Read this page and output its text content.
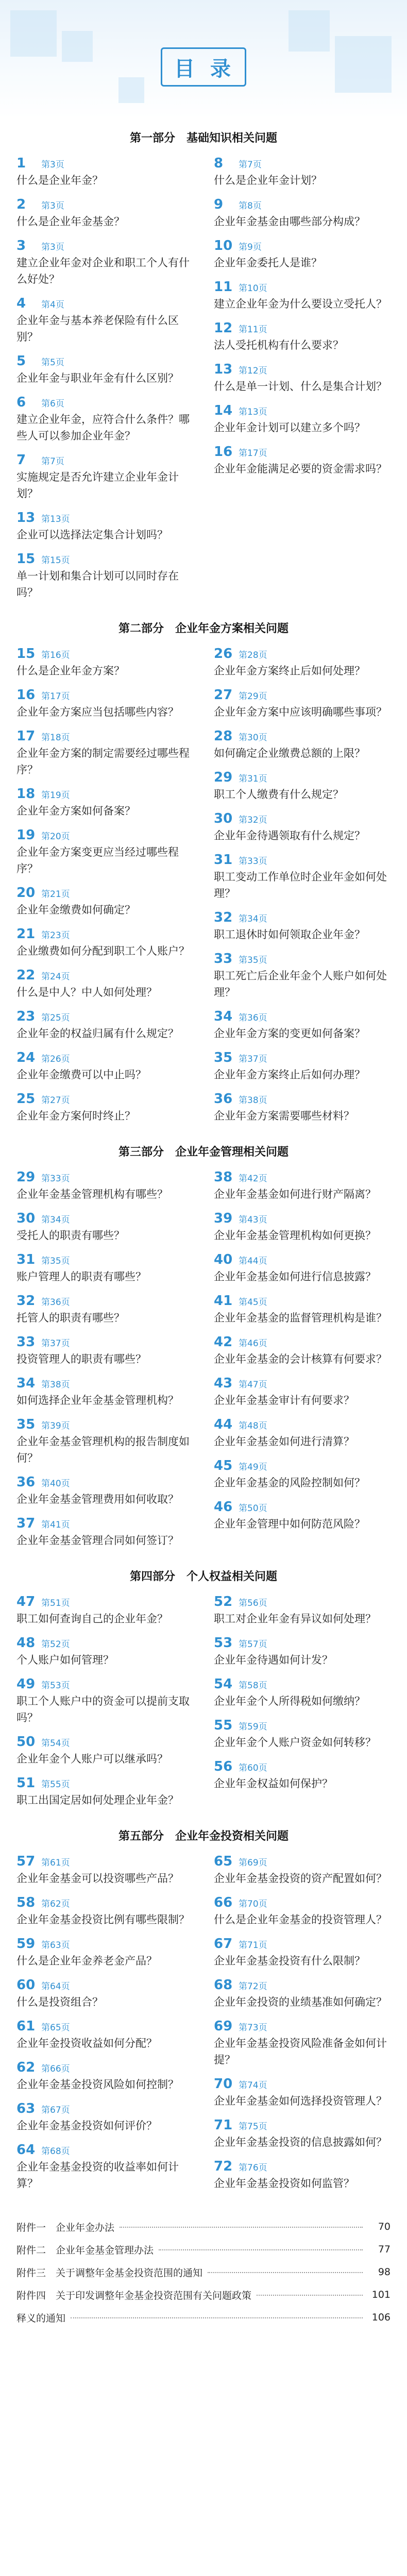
目 录
第一部分　基础知识相关问题
1	第3页
什么是企业年金？
2	第3页
什么是企业年金基金？
3	第3页
建立企业年金对企业和职工个人有什么好处？
4	第4页
企业年金与基本养老保险有什么区别？
5	第5页
企业年金与职业年金有什么区别？
6	第6页
建立企业年金，应符合什么条件？哪些人可以参加企业年金？
7	第7页
实施规定是否允许建立企业年金计划？
13 第13页
企业可以选择法定集合计划吗？
15 第15页
单一计划和集合计划可以同时存在吗？
8	第7页
什么是企业年金计划？
9	第8页
企业年金基金由哪些部分构成？
10 第9页
企业年金委托人是谁？
11 第10页
建立企业年金为什么要设立受托人？
12 第11页
法人受托机构有什么要求？
13 第12页
什么是单一计划、什么是集合计划？
14 第13页
企业年金计划可以建立多个吗？
16 第17页
企业年金能满足必要的资金需求吗？
第二部分　企业年金方案相关问题
15 第16页
什么是企业年金方案？
16 第17页
企业年金方案应当包括哪些内容？
17 第18页
企业年金方案的制定需要经过哪些程序？
18 第19页
企业年金方案如何备案？
19 第20页
企业年金方案变更应当经过哪些程序？
20 第21页
企业年金缴费如何确定？
21 第23页
企业缴费如何分配到职工个人账户？
22 第24页
什么是中人？中人如何处理？
23 第25页
企业年金的权益归属有什么规定？
24 第26页
企业年金缴费可以中止吗？
25 第27页
企业年金方案何时终止？
26 第28页
企业年金方案终止后如何处理？
27 第29页
企业年金方案中应该明确哪些事项？
28 第30页
如何确定企业缴费总额的上限？
29 第31页
职工个人缴费有什么规定？
30 第32页
企业年金待遇领取有什么规定？
31 第33页
职工变动工作单位时企业年金如何处理？
32 第34页
职工退休时如何领取企业年金？
33 第35页
职工死亡后企业年金个人账户如何处理？
34 第36页
企业年金方案的变更如何备案？
35 第37页
企业年金方案终止后如何办理？
36 第38页
企业年金方案需要哪些材料？
第三部分　企业年金管理相关问题
29 第33页
企业年金基金管理机构有哪些？
30 第34页
受托人的职责有哪些？
31 第35页
账户管理人的职责有哪些？
32 第36页
托管人的职责有哪些？
33 第37页
投资管理人的职责有哪些？
34 第38页
如何选择企业年金基金管理机构？
35 第39页
企业年金基金管理机构的报告制度如何？
36 第40页
企业年金基金管理费用如何收取？
37 第41页
企业年金基金管理合同如何签订？
38 第42页
企业年金基金如何进行财产隔离？
39 第43页
企业年金基金管理机构如何更换？
40 第44页
企业年金基金如何进行信息披露？
41 第45页
企业年金基金的监督管理机构是谁？
42 第46页
企业年金基金的会计核算有何要求？
43 第47页
企业年金基金审计有何要求？
44 第48页
企业年金基金如何进行清算？
45 第49页
企业年金基金的风险控制如何？
46 第50页
企业年金管理中如何防范风险？
第四部分　个人权益相关问题
47 第51页
职工如何查询自己的企业年金？
48 第52页
个人账户如何管理？
49 第53页
职工个人账户中的资金可以提前支取吗？
50 第54页
企业年金个人账户可以继承吗？
51 第55页
职工出国定居如何处理企业年金？
52 第56页
职工对企业年金有异议如何处理？
53 第57页
企业年金待遇如何计发？
54 第58页
企业年金个人所得税如何缴纳？
55 第59页
企业年金个人账户资金如何转移？
56 第60页
企业年金权益如何保护？
第五部分　企业年金投资相关问题
57 第61页
企业年金基金可以投资哪些产品？
58 第62页
企业年金基金投资比例有哪些限制？
59 第63页
什么是企业年金养老金产品？
60 第64页
什么是投资组合？
61 第65页
企业年金投资收益如何分配？
62 第66页
企业年金基金投资风险如何控制？
63 第67页
企业年金基金投资如何评价？
64 第68页
企业年金基金投资的收益率如何计算？
65 第69页
企业年金基金投资的资产配置如何？
66 第70页
什么是企业年金基金的投资管理人？
67 第71页
企业年金基金投资有什么限制？
68 第72页
企业年金投资的业绩基准如何确定？
69 第73页
企业年金基金投资风险准备金如何计提？
70 第74页
企业年金基金如何选择投资管理人？
71 第75页
企业年金基金投资的信息披露如何？
72 第76页
企业年金基金投资如何监管？
附件一　企业年金办法	70
附件二　企业年金基金管理办法	77
附件三　关于调整年金基金投资范围的通知	98
附件四　关于印发调整年金基金投资范围有关问题政策	101
释义的通知	106
